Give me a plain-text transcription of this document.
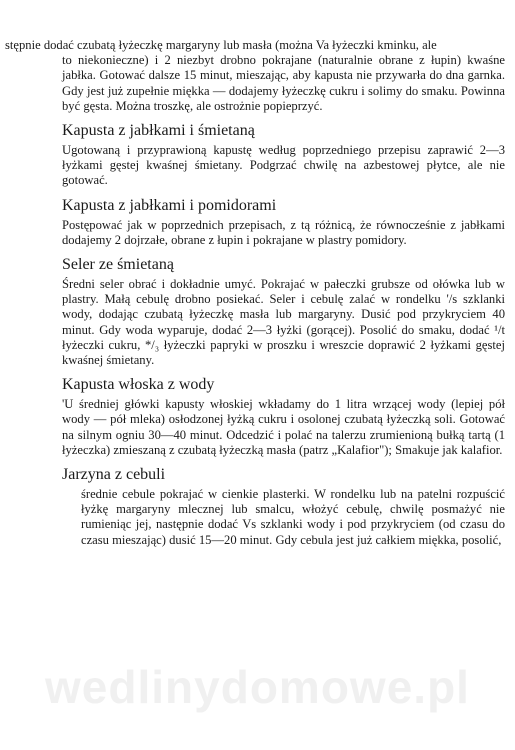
stępnie dodać czubatą łyżeczkę margaryny lub masła (można Va łyżeczki kminku, ale

to niekonieczne) i 2 niezbyt drobno pokrajane (naturalnie obrane z łupin) kwaśne jabłka. Gotować dalsze 15 minut, mieszając, aby kapusta nie przywarła do dna garnka. Gdy jest już zupełnie miękka — dodajemy łyżeczkę cukru i solimy do smaku. Powinna być gęsta. Można troszkę, ale ostrożnie popieprzyć.

Kapusta z jabłkami i śmietaną

Ugotowaną i przyprawioną kapustę według poprzedniego przepisu zaprawić 2—3 łyżkami gęstej kwaśnej śmietany. Podgrzać chwilę na azbestowej płytce, ale nie gotować.

Kapusta z jabłkami i pomidorami

Postępować jak w poprzednich przepisach, z tą różnicą, że równocześnie z jabłkami dodajemy 2 dojrzałe, obrane z łupin i pokrajane w plastry pomidory.

Seler ze śmietaną

Średni seler obrać i dokładnie umyć. Pokrajać w pałeczki grubsze od ołówka lub w plastry. Małą cebulę drobno posiekać. Seler i cebulę zalać w rondelku '/s szklanki wody, dodając czubatą łyżeczkę masła lub margaryny. Dusić pod przykryciem 40 minut. Gdy woda wyparuje, dodać 2—3 łyżki (gorącej). Posolić do smaku, dodać ¹/t łyżeczki cukru, */₃ łyżeczki papryki w proszku i wreszcie doprawić 2 łyżkami gęstej kwaśnej śmietany.

Kapusta włoska z wody

'U średniej główki kapusty włoskiej wkładamy do 1 litra wrzącej wody (lepiej pół wody — pół mleka) osłodzonej łyżką cukru i osolonej czubatą łyżeczką soli. Gotować na silnym ogniu 30—40 minut. Odcedzić i polać na talerzu zrumienioną bułką tartą (1 łyżeczka) zmieszaną z czubatą łyżeczką masła (patrz „Kalafior"); Smakuje jak kalafior.

Jarzyna z cebuli

średnie cebule pokrajać w cienkie plasterki. W rondelku lub na patelni rozpuścić łyżkę margaryny mlecznej lub smalcu, włożyć cebulę, chwilę posmażyć nie rumieniąc jej, następnie dodać Vs szklanki wody i pod przykryciem (od czasu do czasu mieszając) dusić 15—20 minut. Gdy cebula jest już całkiem miękka, posolić,

wedlinydomowe.pl
